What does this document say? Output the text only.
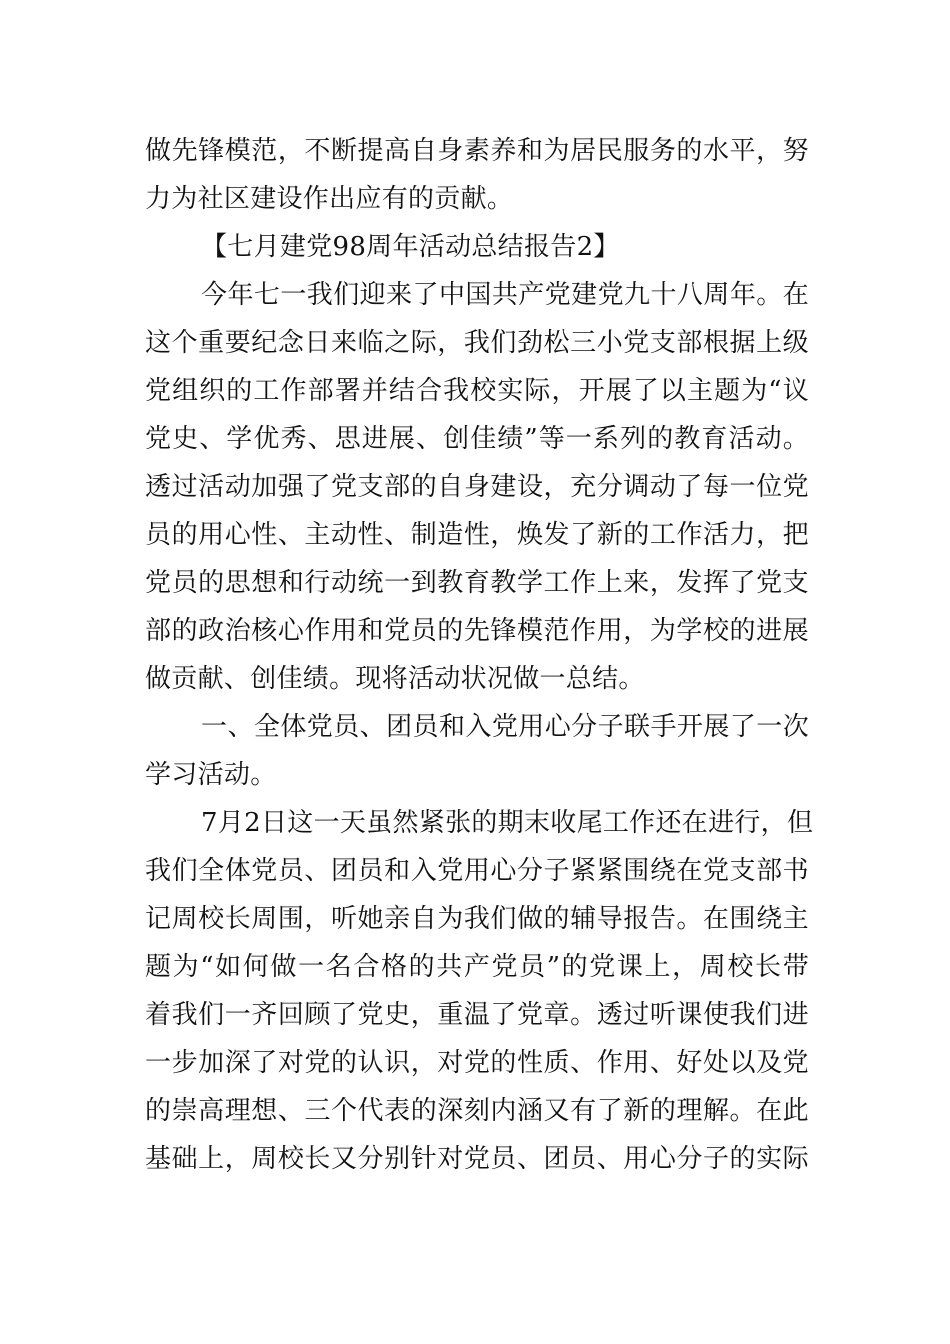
做先锋模范，不断提高自身素养和为居民服务的水平，努
力为社区建设作出应有的贡献。
【七月建党98周年活动总结报告2】
今年七一我们迎来了中国共产党建党九十八周年。在
这个重要纪念日来临之际，我们劲松三小党支部根据上级
党组织的工作部署并结合我校实际，开展了以主题为“议
党史、学优秀、思进展、创佳绩”等一系列的教育活动。
透过活动加强了党支部的自身建设，充分调动了每一位党
员的用心性、主动性、制造性，焕发了新的工作活力，把
党员的思想和行动统一到教育教学工作上来，发挥了党支
部的政治核心作用和党员的先锋模范作用，为学校的进展
做贡献、创佳绩。现将活动状况做一总结。
一、全体党员、团员和入党用心分子联手开展了一次
学习活动。
7月2日这一天虽然紧张的期末收尾工作还在进行，但
我们全体党员、团员和入党用心分子紧紧围绕在党支部书
记周校长周围，听她亲自为我们做的辅导报告。在围绕主
题为“如何做一名合格的共产党员”的党课上，周校长带
着我们一齐回顾了党史，重温了党章。透过听课使我们进
一步加深了对党的认识，对党的性质、作用、好处以及党
的崇高理想、三个代表的深刻内涵又有了新的理解。在此
基础上，周校长又分别针对党员、团员、用心分子的实际
